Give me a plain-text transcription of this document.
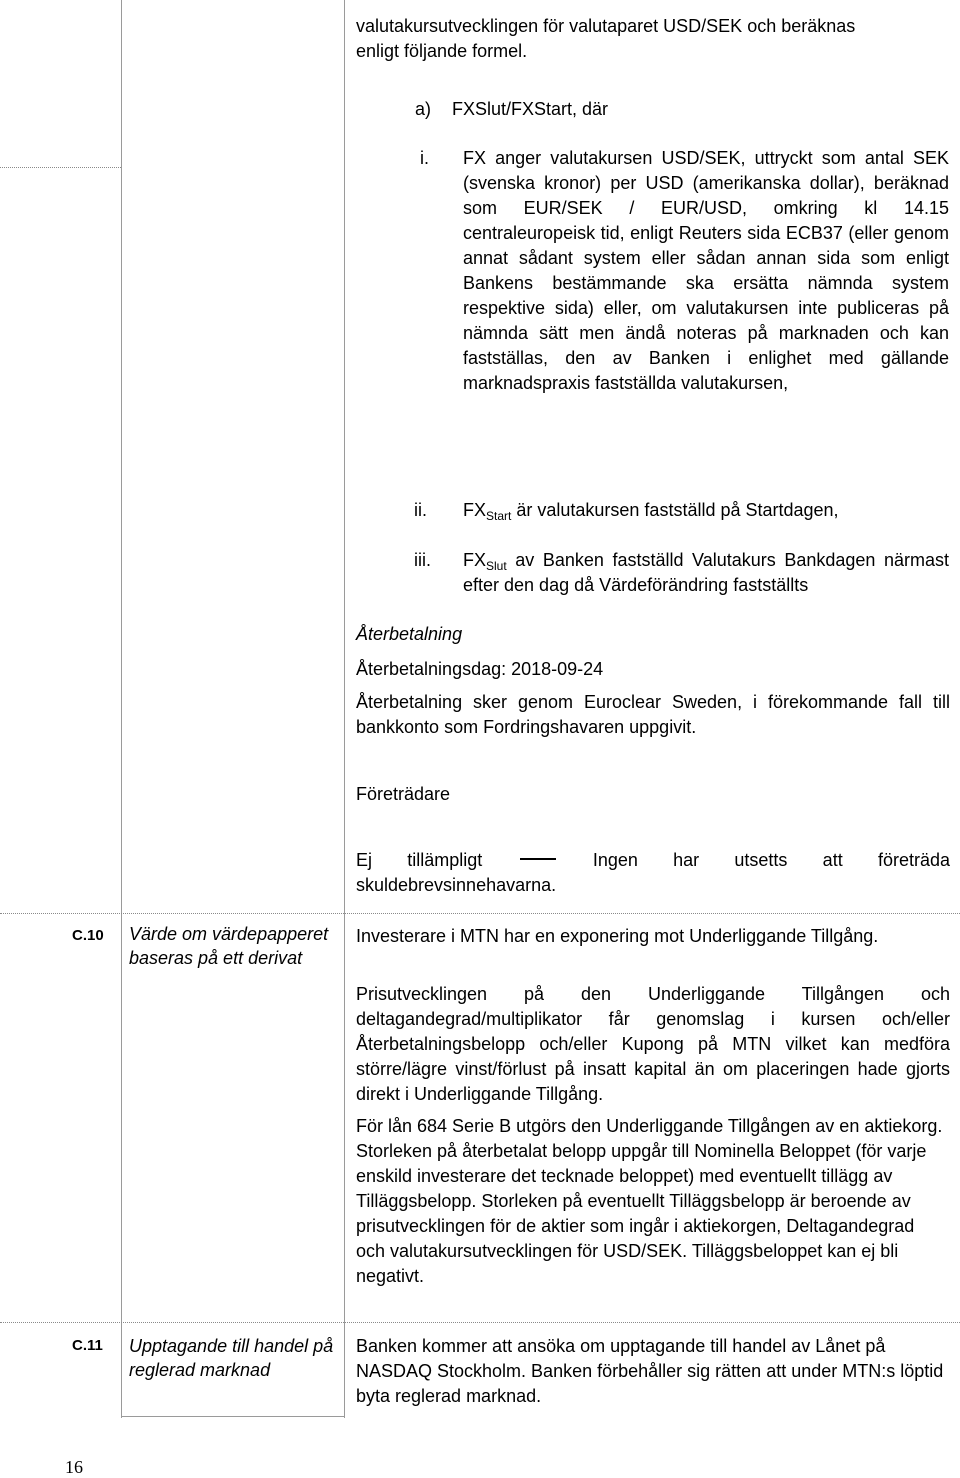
valutakursutvecklingen för valutaparet USD/SEK och beräknas
enligt följande formel.
a) FXSlut/FXStart, där
i. FX anger valutakursen USD/SEK, uttryckt som antal SEK (svenska kronor) per USD (amerikanska dollar), beräknad som EUR/SEK / EUR/USD, omkring kl 14.15 centraleuropeisk tid, enligt Reuters sida ECB37 (eller genom annat sådant system eller sådan annan sida som enligt Bankens bestämmande ska ersätta nämnda system respektive sida) eller, om valutakursen inte publiceras på nämnda sätt men ändå noteras på marknaden och kan fastställas, den av Banken i enlighet med gällande marknadspraxis fastställda valutakursen,
ii. $FX_{Start}$ är valutakursen fastställd på Startdagen,
iii. $FX_{Slut}$ av Banken fastställd Valutakurs Bankdagen närmast efter den dag då Värdeförändring fastställts
Återbetalning
Återbetalningsdag: 2018-09-24
Återbetalning sker genom Euroclear Sweden, i förekommande fall till bankkonto som Fordringshavaren uppgivit.
Företrädare
Ej tillämpligt	Ingen har utsetts att företräda
skuldebrevsinnehavarna.
C.10 Värde om värdepapperet baseras på ett derivat
Investerare i MTN har en exponering mot Underliggande Tillgång.
Prisutvecklingen på den Underliggande Tillgången och deltagandegrad/multiplikator får genomslag i kursen och/eller Återbetalningsbelopp och/eller Kupong på MTN vilket kan medföra större/lägre vinst/förlust på insatt kapital än om placeringen hade gjorts direkt i Underliggande Tillgång.
För lån 684 Serie B utgörs den Underliggande Tillgången av en aktiekorg. Storleken på återbetalat belopp uppgår till Nominella Beloppet (för varje enskild investerare det tecknade beloppet) med eventuellt tillägg av Tilläggsbelopp. Storleken på eventuellt Tilläggsbelopp är beroende av prisutvecklingen för de aktier som ingår i aktiekorgen, Deltagandegrad och valutakursutvecklingen för USD/SEK. Tilläggsbeloppet kan ej bli negativt.
C.11 Upptagande till handel på reglerad marknad
Banken kommer att ansöka om upptagande till handel av Lånet på NASDAQ Stockholm. Banken förbehåller sig rätten att under MTN:s löptid byta reglerad marknad.
16
